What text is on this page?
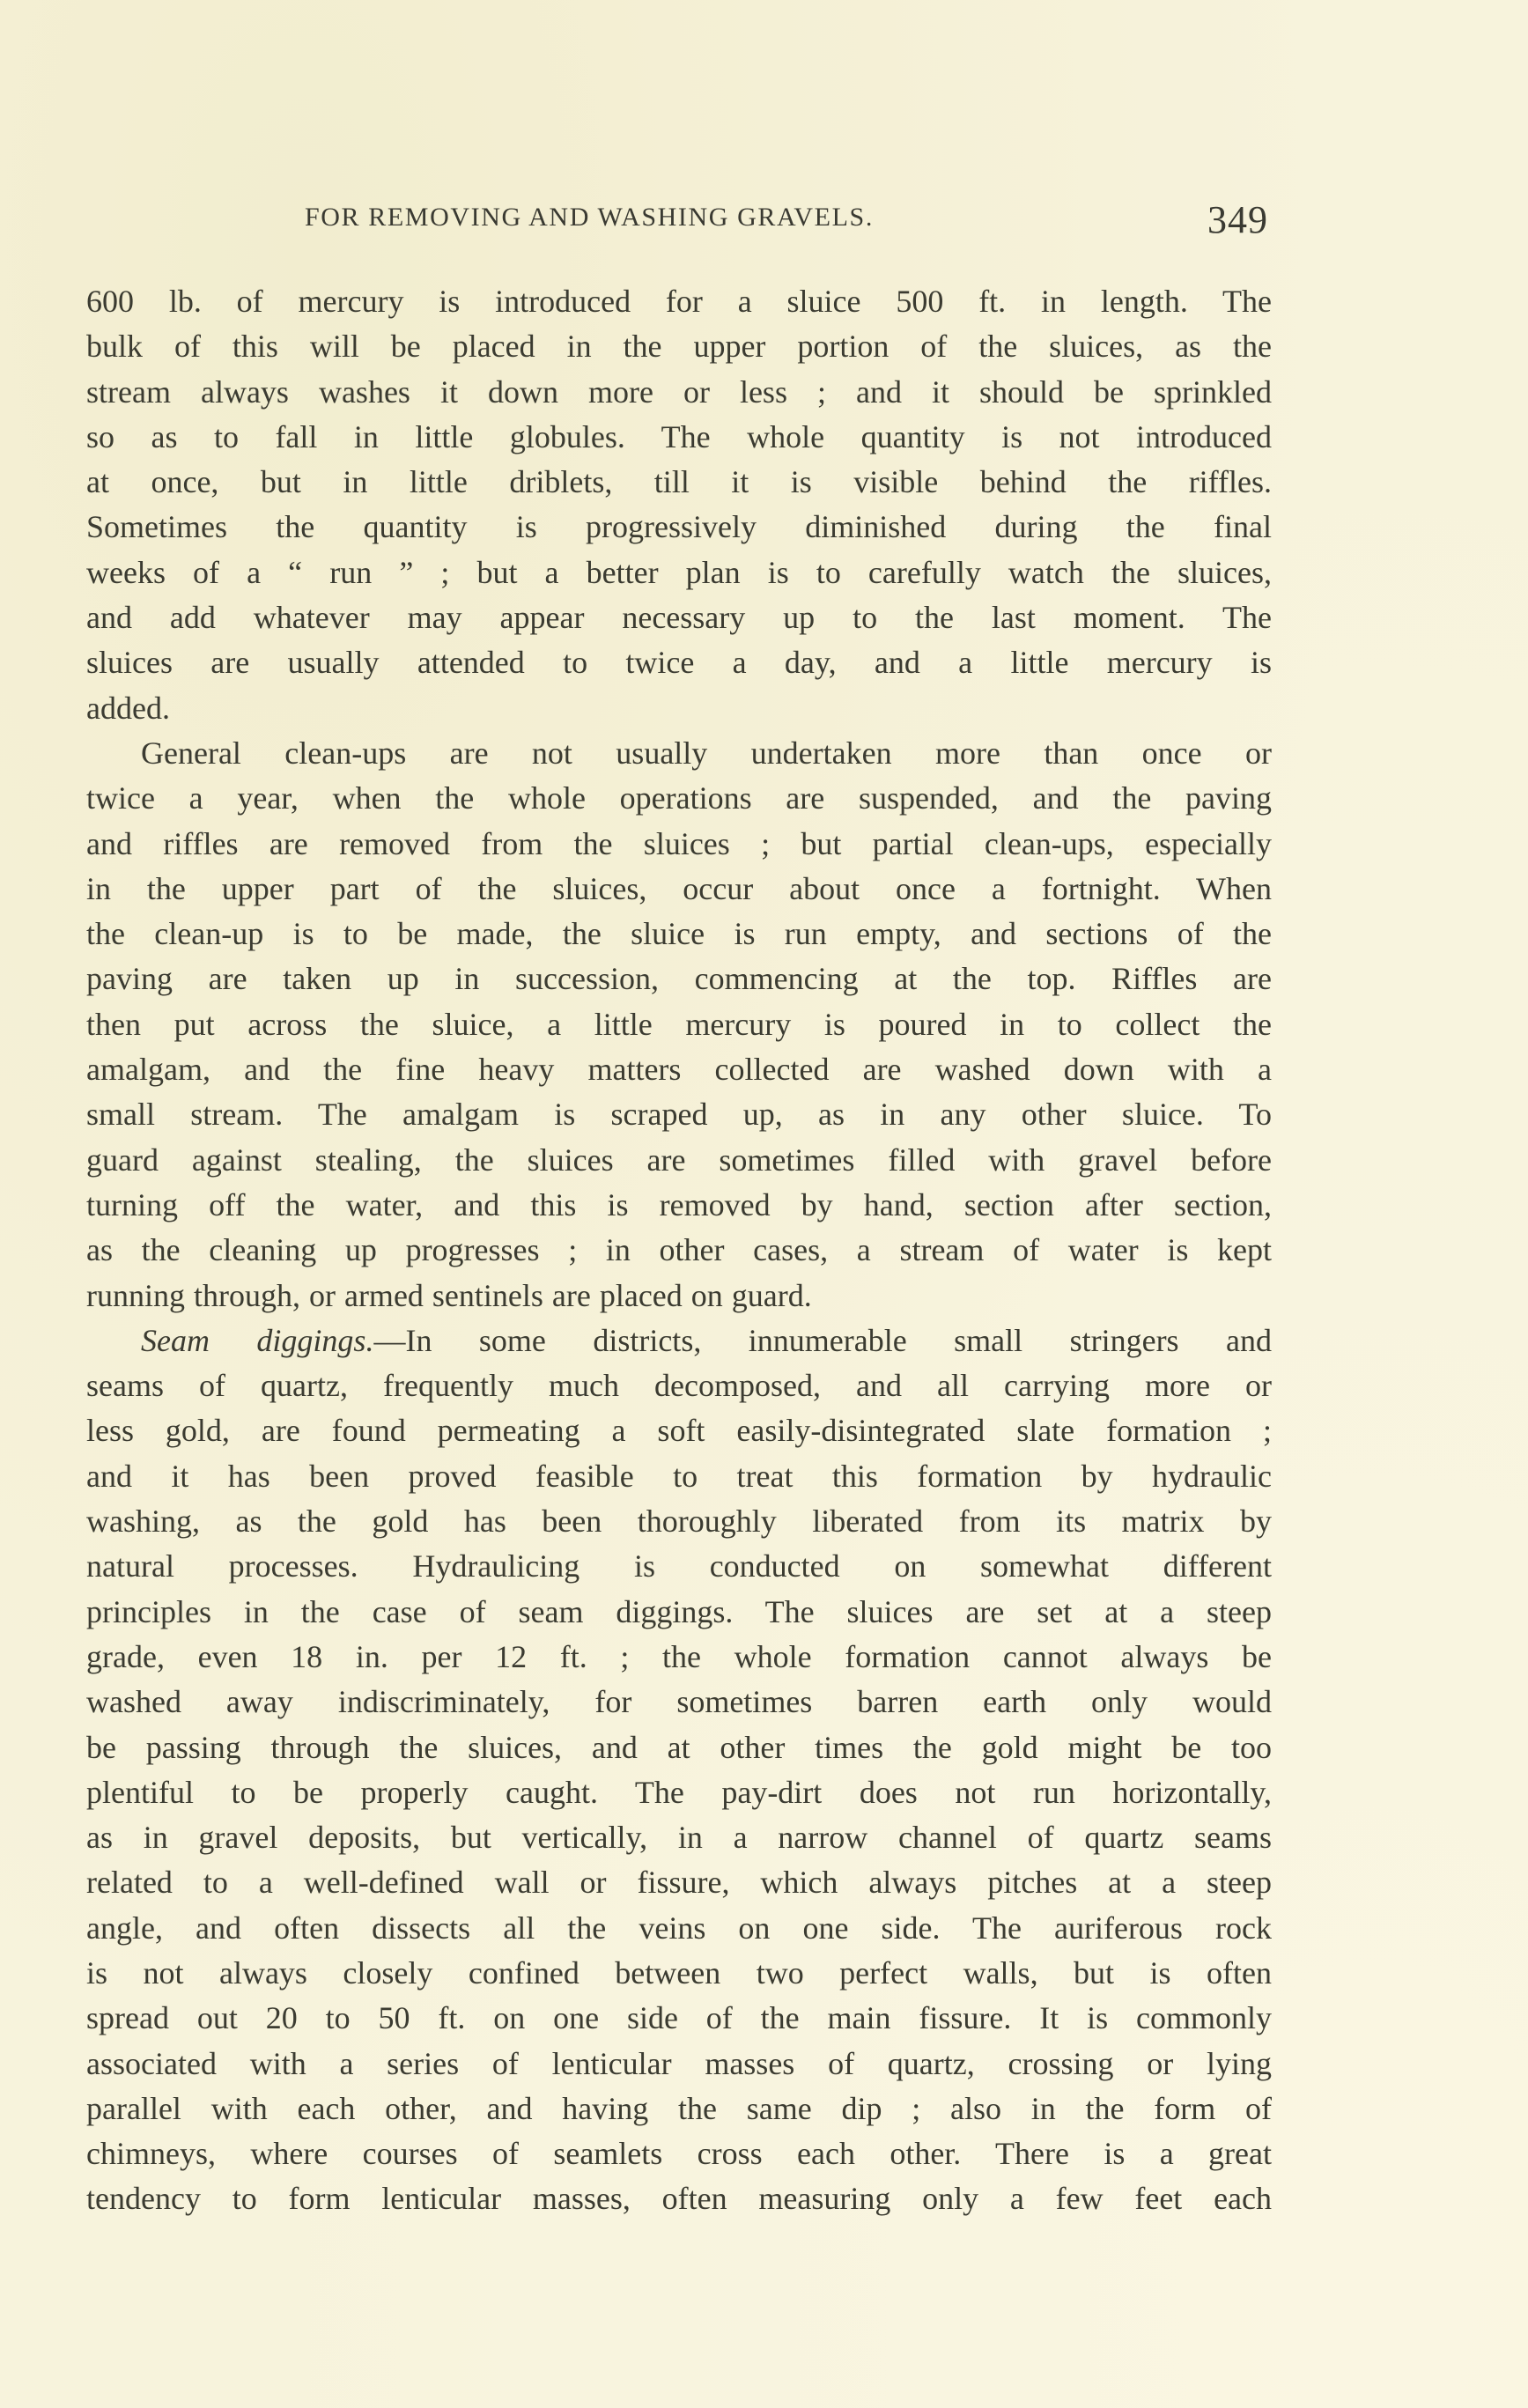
FOR REMOVING AND WASHING GRAVELS.	349
600 lb. of mercury is introduced for a sluice 500 ft. in length. The
bulk of this will be placed in the upper portion of the sluices, as the
stream always washes it down more or less ; and it should be sprinkled
so as to fall in little globules. The whole quantity is not introduced
at once, but in little driblets, till it is visible behind the riffles.
Sometimes the quantity is progressively diminished during the final
weeks of a “ run ” ; but a better plan is to carefully watch the sluices,
and add whatever may appear necessary up to the last moment. The
sluices are usually attended to twice a day, and a little mercury is
added.
General clean-ups are not usually undertaken more than once or
twice a year, when the whole operations are suspended, and the paving
and riffles are removed from the sluices ; but partial clean-ups, especially
in the upper part of the sluices, occur about once a fortnight. When
the clean-up is to be made, the sluice is run empty, and sections of the
paving are taken up in succession, commencing at the top. Riffles are
then put across the sluice, a little mercury is poured in to collect the
amalgam, and the fine heavy matters collected are washed down with a
small stream. The amalgam is scraped up, as in any other sluice. To
guard against stealing, the sluices are sometimes filled with gravel before
turning off the water, and this is removed by hand, section after section,
as the cleaning up progresses ; in other cases, a stream of water is kept
running through, or armed sentinels are placed on guard.
Seam diggings.—In some districts, innumerable small stringers and
seams of quartz, frequently much decomposed, and all carrying more or
less gold, are found permeating a soft easily-disintegrated slate formation ;
and it has been proved feasible to treat this formation by hydraulic
washing, as the gold has been thoroughly liberated from its matrix by
natural processes. Hydraulicing is conducted on somewhat different
principles in the case of seam diggings. The sluices are set at a steep
grade, even 18 in. per 12 ft. ; the whole formation cannot always be
washed away indiscriminately, for sometimes barren earth only would
be passing through the sluices, and at other times the gold might be too
plentiful to be properly caught. The pay-dirt does not run horizontally,
as in gravel deposits, but vertically, in a narrow channel of quartz seams
related to a well-defined wall or fissure, which always pitches at a steep
angle, and often dissects all the veins on one side. The auriferous rock
is not always closely confined between two perfect walls, but is often
spread out 20 to 50 ft. on one side of the main fissure. It is commonly
associated with a series of lenticular masses of quartz, crossing or lying
parallel with each other, and having the same dip ; also in the form of
chimneys, where courses of seamlets cross each other. There is a great
tendency to form lenticular masses, often measuring only a few feet each
